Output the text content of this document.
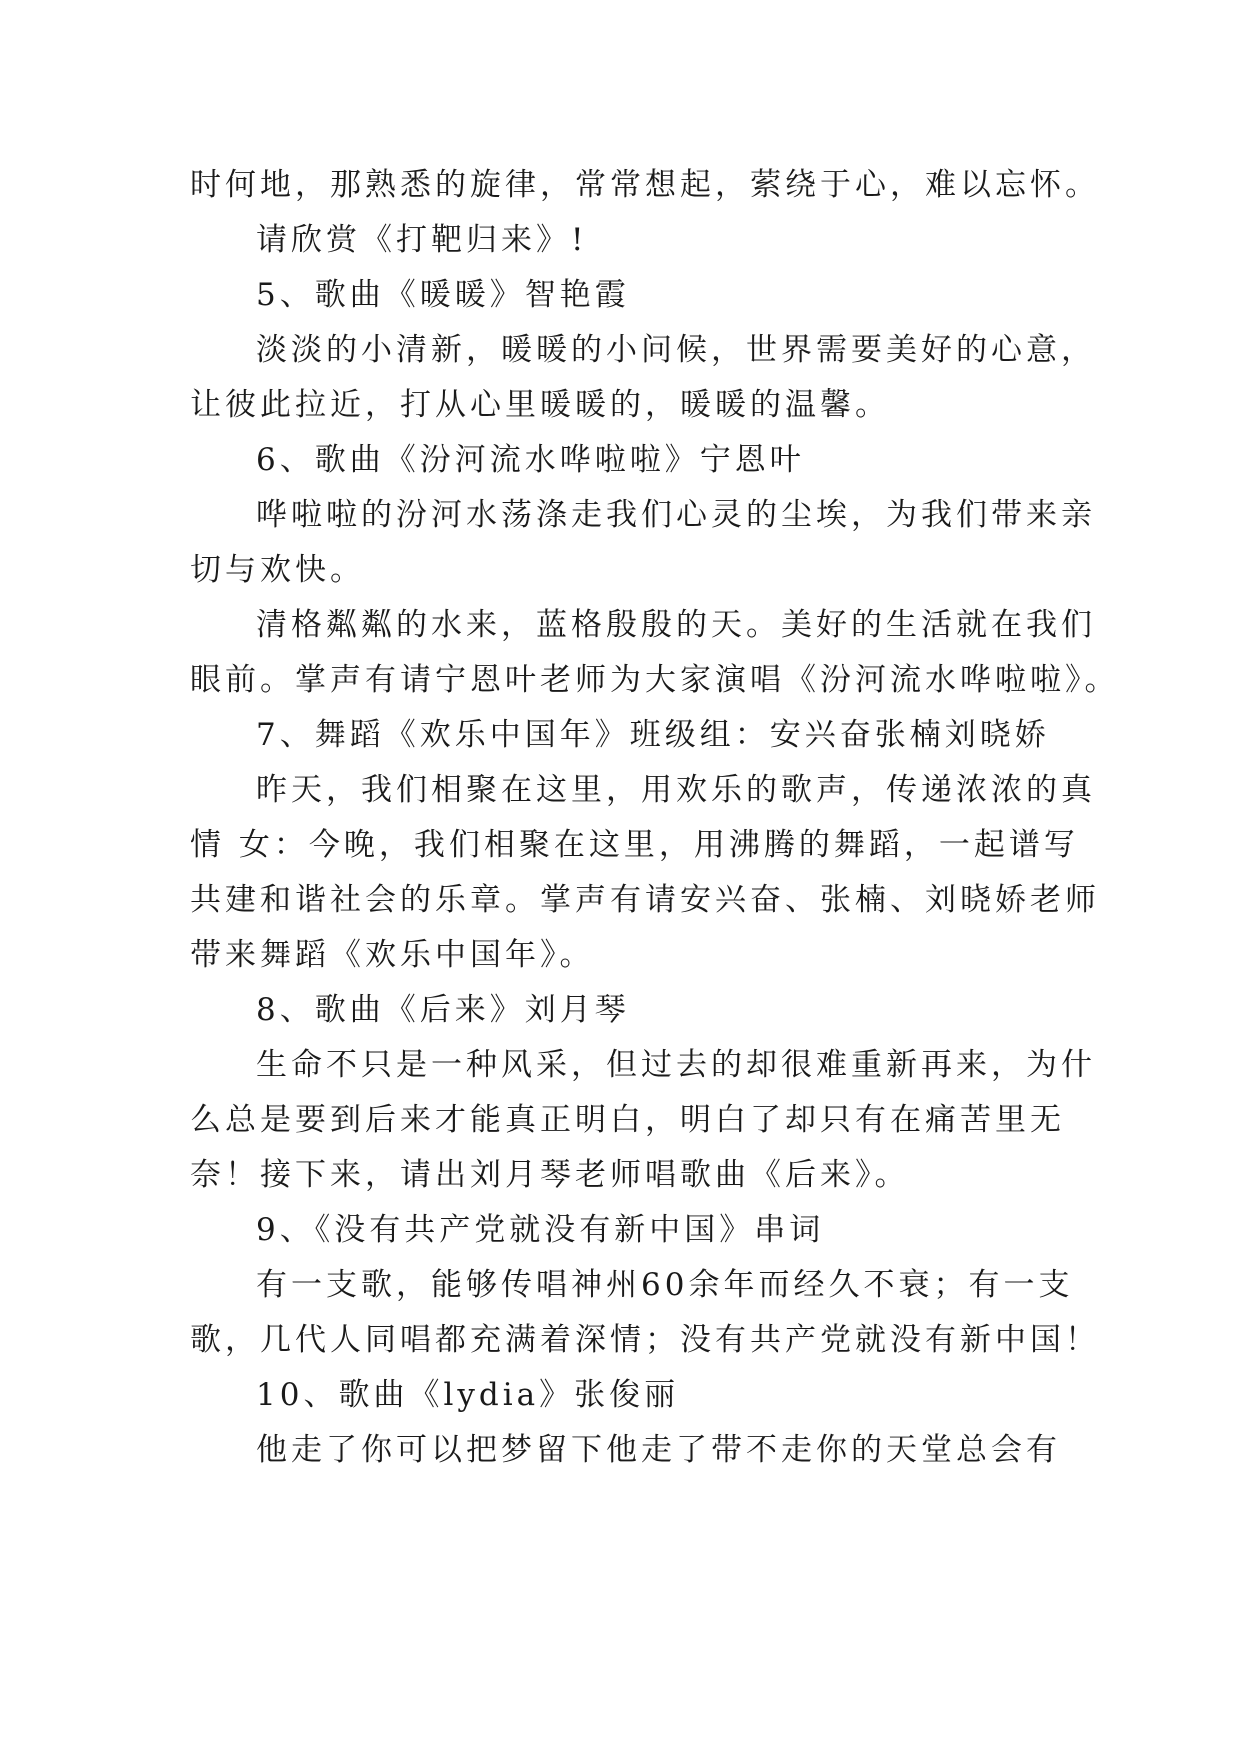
时何地，那熟悉的旋律，常常想起，萦绕于心，难以忘怀。
请欣赏《打靶归来》!
5、歌曲《暖暖》智艳霞
淡淡的小清新，暖暖的小问候，世界需要美好的心意，
让彼此拉近，打从心里暖暖的，暖暖的温馨。
6、歌曲《汾河流水哗啦啦》宁恩叶
哗啦啦的汾河水荡涤走我们心灵的尘埃，为我们带来亲
切与欢快。
清格粼粼的水来，蓝格殷殷的天。美好的生活就在我们
眼前。掌声有请宁恩叶老师为大家演唱《汾河流水哗啦啦》。
7、舞蹈《欢乐中国年》班级组：安兴奋张楠刘晓娇
昨天，我们相聚在这里，用欢乐的歌声，传递浓浓的真
情 女：今晚，我们相聚在这里，用沸腾的舞蹈，一起谱写
共建和谐社会的乐章。掌声有请安兴奋、张楠、刘晓娇老师
带来舞蹈《欢乐中国年》。
8、歌曲《后来》刘月琴
生命不只是一种风采，但过去的却很难重新再来，为什
么总是要到后来才能真正明白，明白了却只有在痛苦里无
奈！接下来，请出刘月琴老师唱歌曲《后来》。
9、《没有共产党就没有新中国》串词
有一支歌，能够传唱神州60余年而经久不衰；有一支
歌，几代人同唱都充满着深情；没有共产党就没有新中国！
10、歌曲《lydia》张俊丽
他走了你可以把梦留下他走了带不走你的天堂总会有
